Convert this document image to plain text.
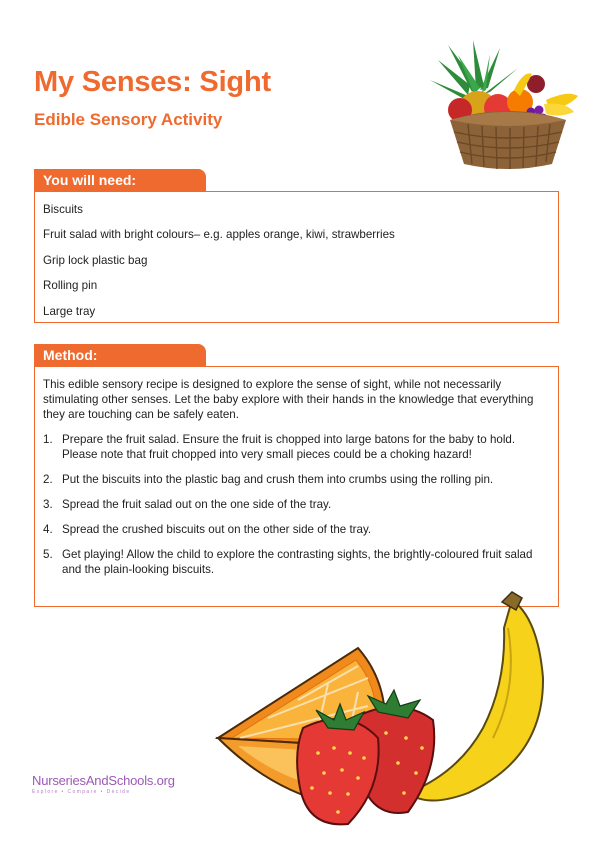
My Senses: Sight
Edible Sensory Activity
You will need:
Biscuits
Fruit salad with bright colours– e.g. apples orange, kiwi, strawberries
Grip lock plastic bag
Rolling pin
Large tray
Method:

This edible sensory recipe is designed to explore the sense of sight, while not necessarily stimulating other senses. Let the baby explore with their hands in the knowledge that everything they are touching can be safely eaten.

1. Prepare the fruit salad. Ensure the fruit is chopped into large batons for the baby to hold. Please note that fruit chopped into very small pieces could be a choking hazard!
2. Put the biscuits into the plastic bag and crush them into crumbs using the rolling pin.
3. Spread the fruit salad out on the one side of the tray.
4. Spread the crushed biscuits out on the other side of the tray.
5. Get playing! Allow the child to explore the contrasting sights, the brightly-coloured fruit salad and the plain-looking biscuits.
NurseriesAndSchools.org
Explore • Compare • Decide
